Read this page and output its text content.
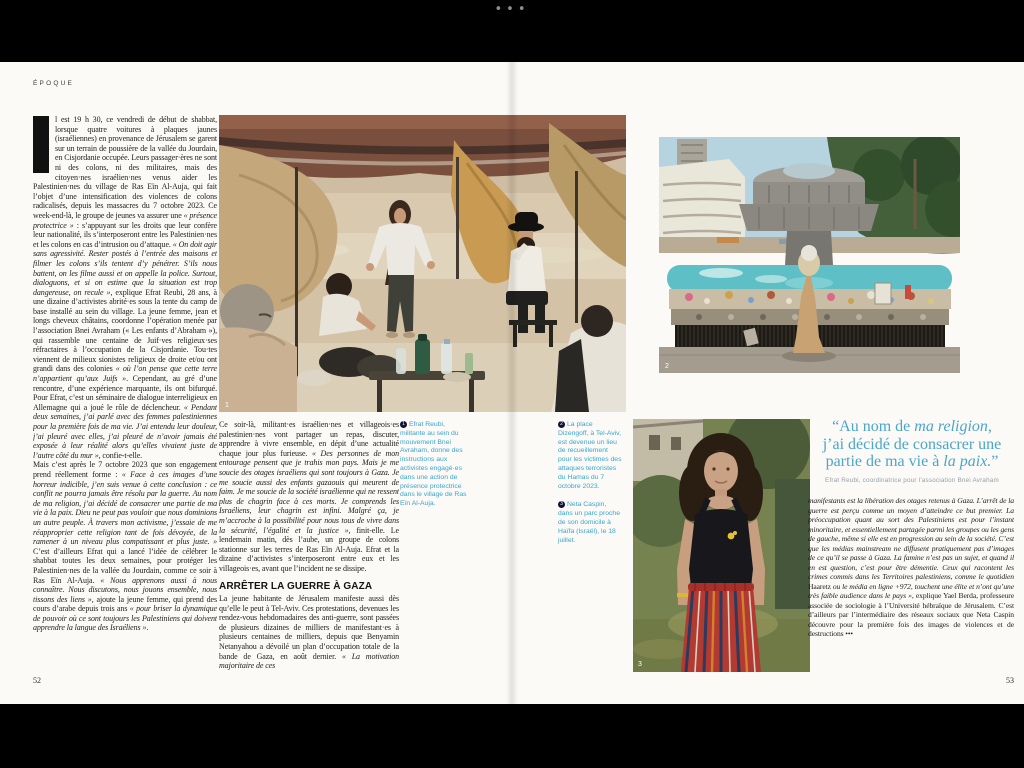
•••
ÉPOQUE

l est 19 h 30, ce vendredi de début de shabbat, lorsque quatre voitures à plaques jaunes (israéliennes) en provenance de Jérusalem se garent sur un terrain de poussière de la vallée du Jourdain, en Cisjordanie occupée. Leurs passager·ères ne sont ni des colons, ni des militaires, mais des citoyen·nes israélien·nes venus aider les Palestinien·nes du village de Ras Eïn Al-Auja, qui fait l’objet d’une intensification des violences de colons radicalisés, depuis les massacres du 7 octobre 2023. Ce week-end-là, le groupe de jeunes va assurer une « présence protectrice » : s’appuyant sur les droits que leur confère leur nationalité, ils s’interposeront entre les Palestinien·nes et les colons en cas d’intrusion ou d’attaque. « On doit agir sans agressivité. Rester postés à l’entrée des maisons et filmer les colons s’ils tentent d’y pénétrer. S’ils nous battent, on les filme aussi et on appelle la police. Surtout, dialoguons, et si on estime que la situation est trop dangereuse, on recule », explique Efrat Reubi, 28 ans, à une dizaine d’activistes abrité·es sous la tente du camp de base installé au sein du village. La jeune femme, jean et longs cheveux châtains, coordonne l’opération menée par l’association Bnei Avraham (« Les enfants d’Abraham »), qui rassemble une centaine de Juif·ves religieux·ses réfractaires à l’occupation de la Cisjordanie. Tou·tes viennent de milieux sionistes religieux de droite et/ou ont grandi dans des colonies « où l’on pense que cette terre n’appartient qu’aux Juifs ». Cependant, au gré d’une rencontre, d’une expérience marquante, ils ont bifurqué. Pour Efrat, c’est un séminaire de dialogue interreligieux en Allemagne qui a joué le rôle de déclencheur. « Pendant deux semaines, j’ai parlé avec des femmes palestiniennes pour la première fois de ma vie. J’ai entendu leur douleur, j’ai pleuré avec elles, j’ai pleuré de n’avoir jamais été exposée à leur réalité alors qu’elles vivaient juste de l’autre côté du mur », confie-t-elle.

Mais c’est après le 7 octobre 2023 que son engagement prend réellement forme : « Face à ces images d’une horreur indicible, j’en suis venue à cette conclusion : ce conflit ne pourra jamais être résolu par la guerre. Au nom de ma religion, j’ai décidé de consacrer une partie de ma vie à la paix. Dieu ne peut pas vouloir que nous dominions un autre peuple. À travers mon activisme, j’essaie de me réapproprier cette religion tant de fois dévoyée, de la ramener à un niveau plus compatissant et plus juste. » C’est d’ailleurs Efrat qui a lancé l’idée de célébrer le shabbat toutes les deux semaines, pour protéger les Palestinien·nes de la vallée du Jourdain, comme ce soir à Ras Eïn Al-Auja. « Nous apprenons aussi à nous connaître. Nous discutons, nous jouons ensemble, nous tissons des liens », ajoute la jeune femme, qui prend des cours d’arabe depuis trois ans « pour briser la dynamique de pouvoir où ce sont toujours les Palestiniens qui doivent apprendre la langue des Israéliens ».

1

Ce soir-là, militant·es israélien·nes et villageois·es palestinien·nes vont partager un repas, discuter, apprendre à vivre ensemble, en dépit d’une actualité chaque jour plus furieuse. « Des personnes de mon entourage pensent que je trahis mon pays. Mais je me soucie des otages israéliens qui sont toujours à Gaza. Je me soucie aussi des enfants gazaouis qui meurent de faim. Je me soucie de la société israélienne qui ne ressent plus de chagrin face à ces morts. Je comprends les Israéliens, leur chagrin est infini. Malgré ça, je m’accroche à la possibilité pour nous tous de vivre dans la sécurité, l’égalité et la justice », finit-elle. Le lendemain matin, dès l’aube, un groupe de colons stationne sur les terres de Ras Eïn Al-Auja. Efrat et la dizaine d’activistes s’interposeront entre eux et les villageois·es, avant que l’incident ne se dissipe.

ARRÊTER LA GUERRE À GAZA

La jeune habitante de Jérusalem manifeste aussi dès qu’elle le peut à Tel-Aviv. Ces protestations, devenues les rendez-vous hebdomadaires des anti-guerre, sont passées de plusieurs dizaines de milliers de manifestant·es à plusieurs centaines de milliers, depuis que Benyamin Netanyahou a dévoilé un plan d’occupation totale de la bande de Gaza, en août dernier. « La motivation majoritaire de ces

1 Efrat Reubi, militante au sein du mouvement Bnei Avraham, donne des instructions aux activistes engagé·es dans une action de présence protectrice dans le village de Ras Eïn Al-Auja.
2 La place Dizengoff, à Tel-Aviv, est devenue un lieu de recueillement pour les victimes des attaques terroristes du Hamas du 7 octobre 2023.
3 Neta Caspin, dans un parc proche de son domicile à Haïfa (Israël), le 18 juillet.
2
3
“Au nom de ma religion,
j’ai décidé de consacrer une
partie de ma vie à la paix.”
Efrat Reubi, coordinatrice pour l’association Bnei Avraham

manifestants est la libération des otages retenus à Gaza. L’arrêt de la guerre est perçu comme un moyen d’atteindre ce but premier. La préoccupation quant au sort des Palestiniens est pour l’instant minoritaire, et essentiellement partagée parmi les groupes ou les gens de gauche, même si elle est en progression au sein de la société. C’est que les médias mainstream ne diffusent pratiquement pas d’images de ce qu’il se passe à Gaza. La famine n’est pas un sujet, et quand il en est question, c’est pour être démentie. Ceux qui racontent les crimes commis dans les Territoires palestiniens, comme le quotidien Haaretz ou le média en ligne +972, touchent une élite et n’ont qu’une très faible audience dans le pays », explique Yael Berda, professeure associée de sociologie à l’Université hébraïque de Jérusalem. C’est d’ailleurs par l’intermédiaire des réseaux sociaux que Neta Caspin découvre pour la première fois des images de violences et de destructions •••

52	53
